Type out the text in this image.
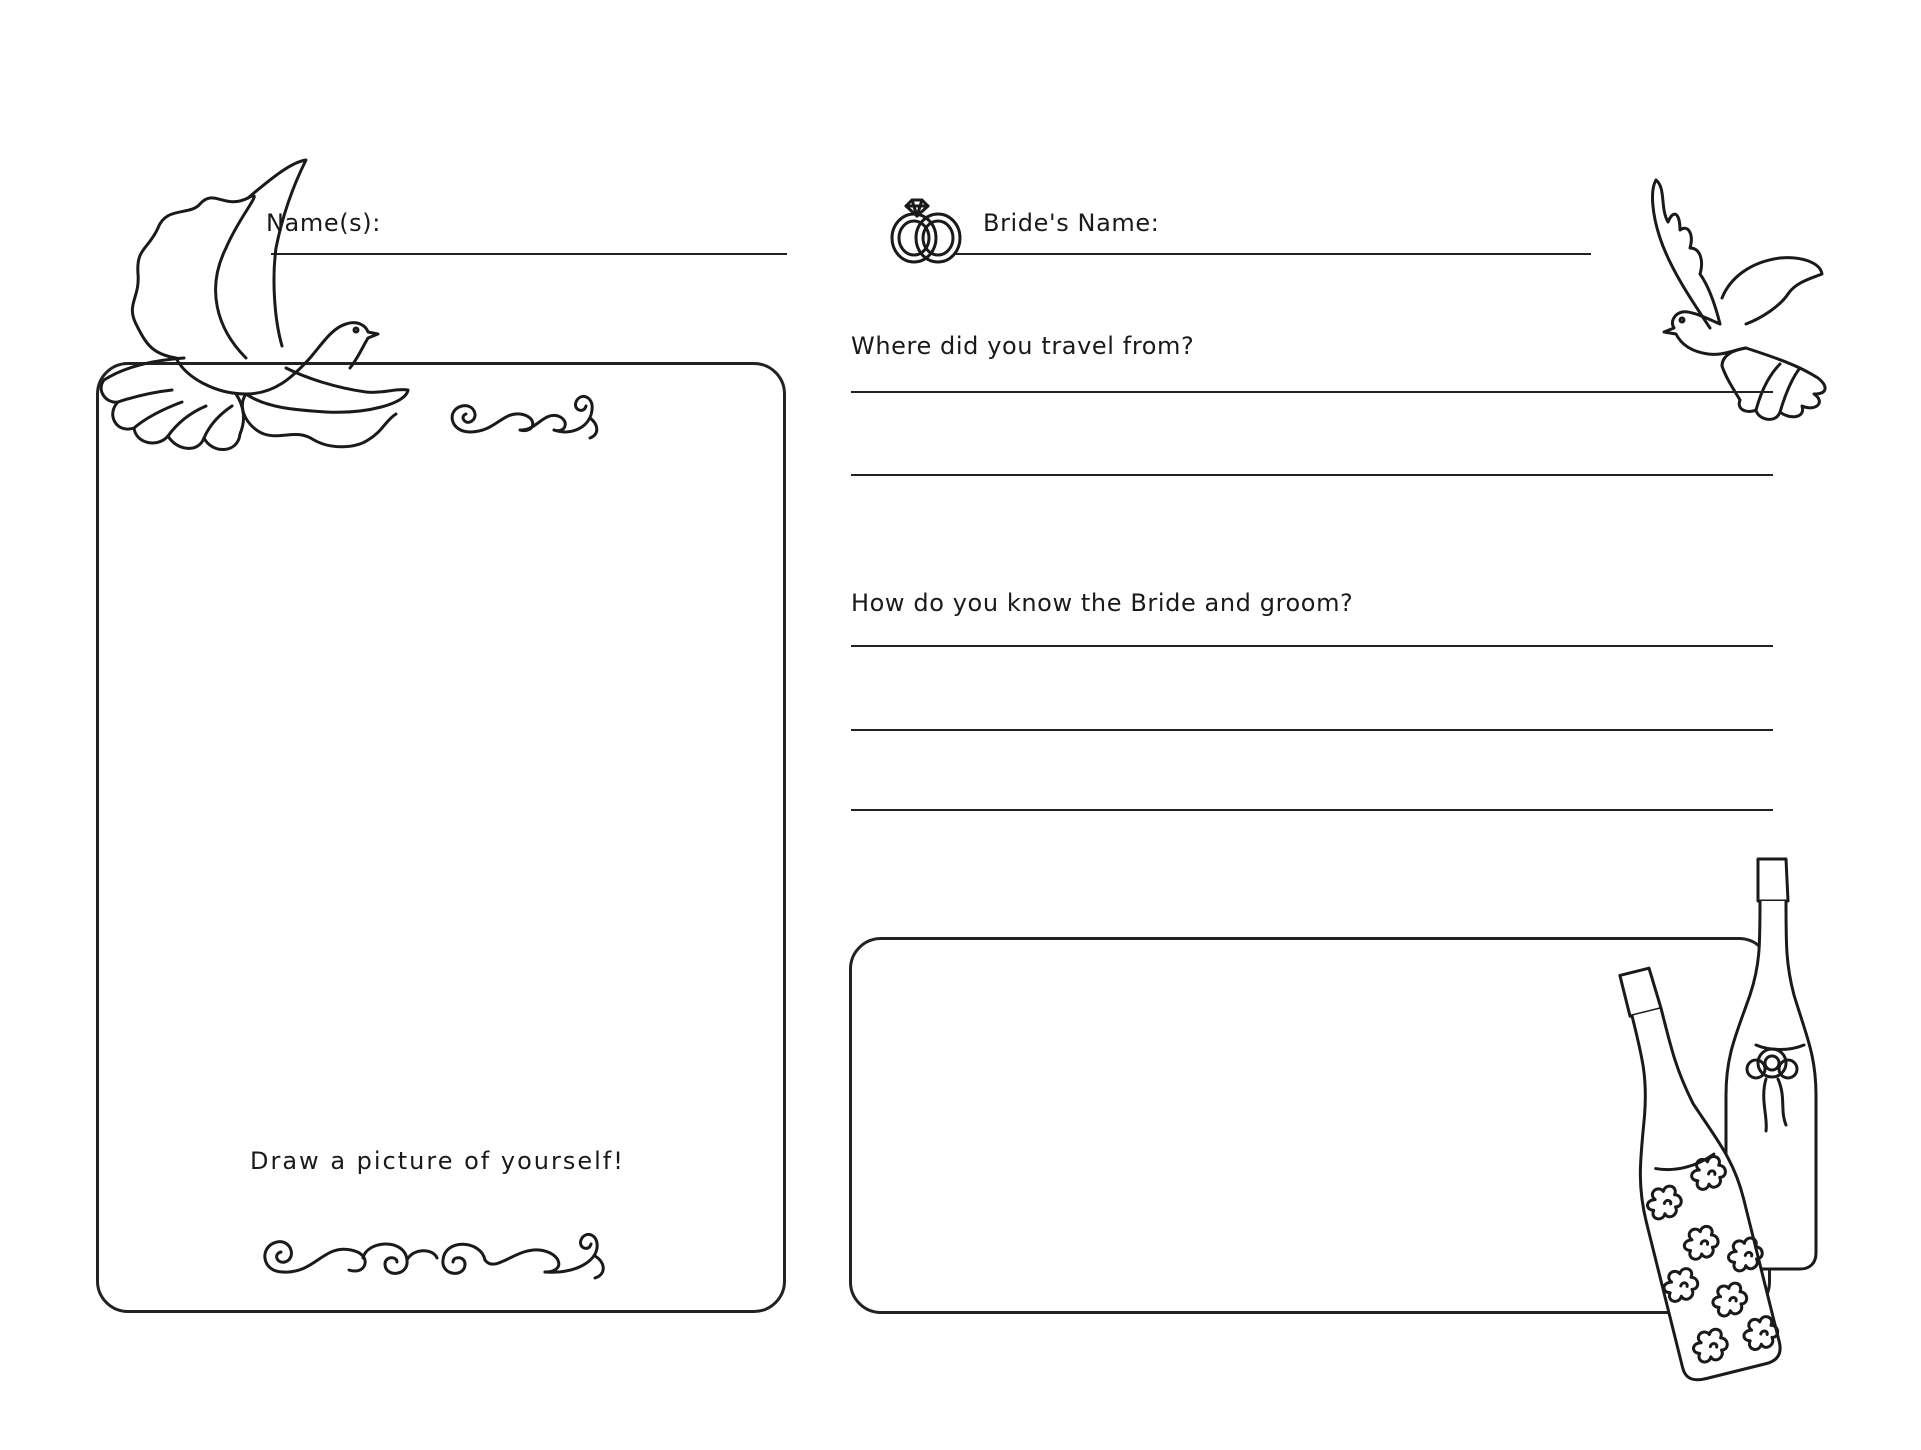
Name(s):
Draw a picture of yourself!
Bride's Name:
Where did you travel from?
How do you know the Bride and groom?
